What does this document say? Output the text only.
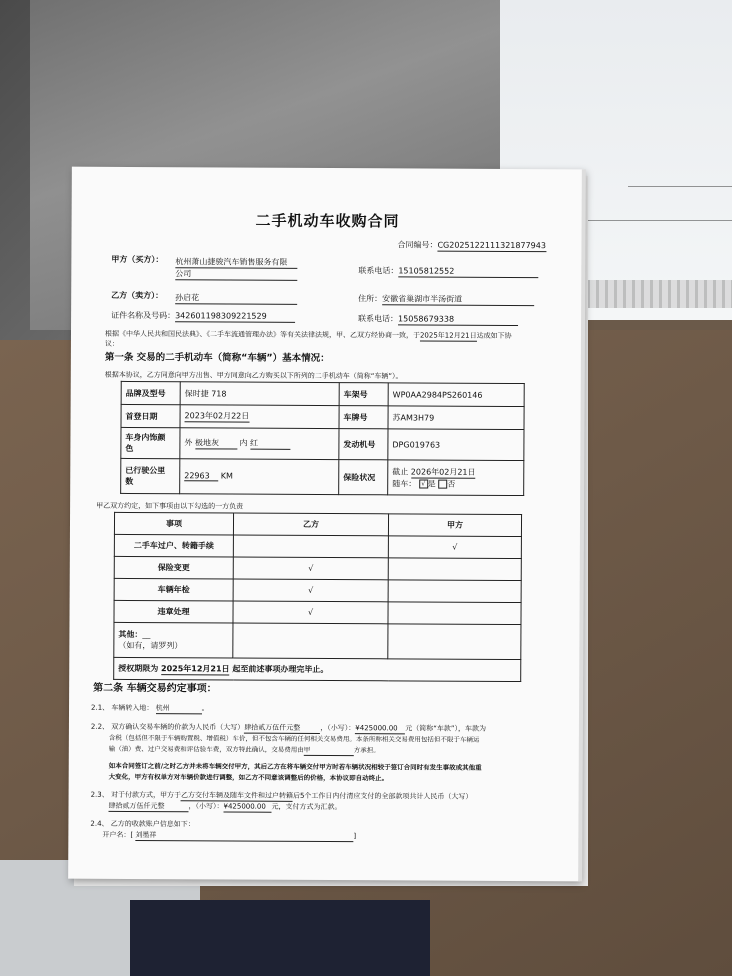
二手机动车收购合同
合同编号：CG2025122111321877943
甲方（买方）： 杭州萧山捷骏汽车销售服务有限
公司	联系电话：15105812552
乙方（卖方）： 孙启花	住所：安徽省巢湖市半汤街道
证件名称及号码：342601198309221529	联系电话：15058679338
根据《中华人民共和国民法典》、《二手车流通管理办法》等有关法律法规，甲、乙双方经协商一致，于2025年12月21日达成如下协
议：
第一条 交易的二手机动车（简称“车辆”）基本情况：
根据本协议，乙方同意向甲方出售、甲方同意向乙方购买以下所列的二手机动车（简称“车辆”）。
品牌及型号	保时捷 718	车架号	WP0AA2984PS260146
首登日期	2023年02月22日	车牌号	苏AM3H79
车身内饰颜
色	外 极地灰 内 红	发动机号	DPG019763
已行驶公里
数	22963 KM	保险状况	截止 2026年02月21日
随车： √ 是 否
甲乙双方约定，如下事项由以下勾选的一方负责
事项	乙方	甲方
二手车过户、转籍手续		√
保险变更	√	
车辆年检	√	
违章处理	√	
其他：__
（如有，请罗列）		
授权期限为 2025年12月21日 起至前述事项办理完毕止。		
第二条 车辆交易约定事项：
2.1、 车辆转入地： 杭州	。
2.2、 双方确认交易车辆的价款为人民币（大写）肆拾贰万伍仟元整	，（小写）：¥425000.00 元（简称“车款”），车款为
含税（包括但不限于车辆购置税、增值税）车价，但不包含车辆的任何相关交易费用。本条所称相关交易费用包括但不限于车辆运
输（油）费、过户交易费和评估验车费，双方特此确认，交易费用由甲	方承担。
如本合同签订之前/之时乙方并未将车辆交付甲方，其后乙方在将车辆交付甲方时若车辆状况相较于签订合同时有发生事故或其他重
大变化，甲方有权单方对车辆价款进行调整，如乙方不同意该调整后的价格，本协议即自动终止。
2.3、 对于付款方式，甲方于乙方交付车辆及随车文件和过户转籍后5个工作日内付清应支付的全部款项共计人民币（大写）
肆拾贰万伍仟元整	，（小写）：¥425000.00 元，支付方式为汇款。
2.4、 乙方的收款账户信息如下：
开户名：[ 刘墨祥	]
